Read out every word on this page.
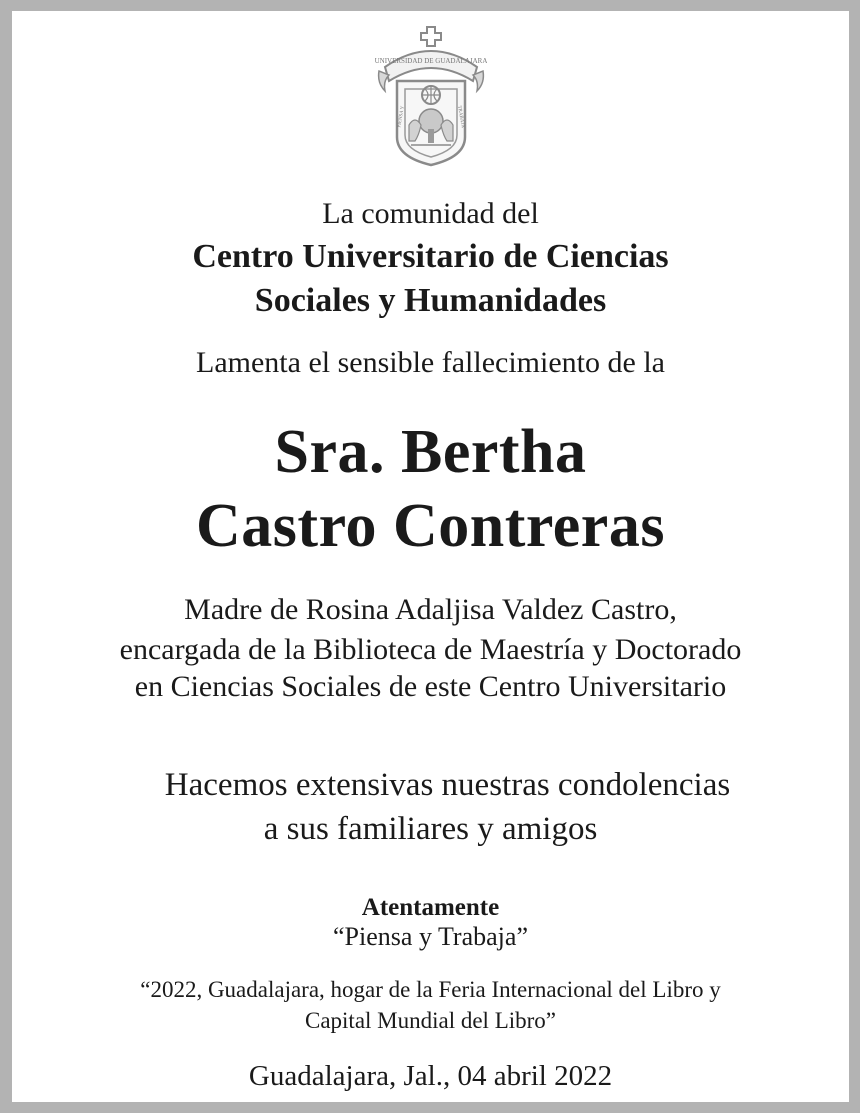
UNIVERSIDAD DE GUADALAJARA
PIENSA Y	TRABAJA
La comunidad del
Centro Universitario de Ciencias
Sociales y Humanidades
Lamenta el sensible fallecimiento de la
Sra. Bertha
Castro Contreras
Madre de Rosina Adaljisa Valdez Castro,
encargada de la Biblioteca de Maestría y Doctorado
en Ciencias Sociales de este Centro Universitario
Hacemos extensivas nuestras condolencias
a sus familiares y amigos
Atentamente
“Piensa y Trabaja”
“2022, Guadalajara, hogar de la Feria Internacional del Libro y
Capital Mundial del Libro”
Guadalajara, Jal., 04 abril 2022
